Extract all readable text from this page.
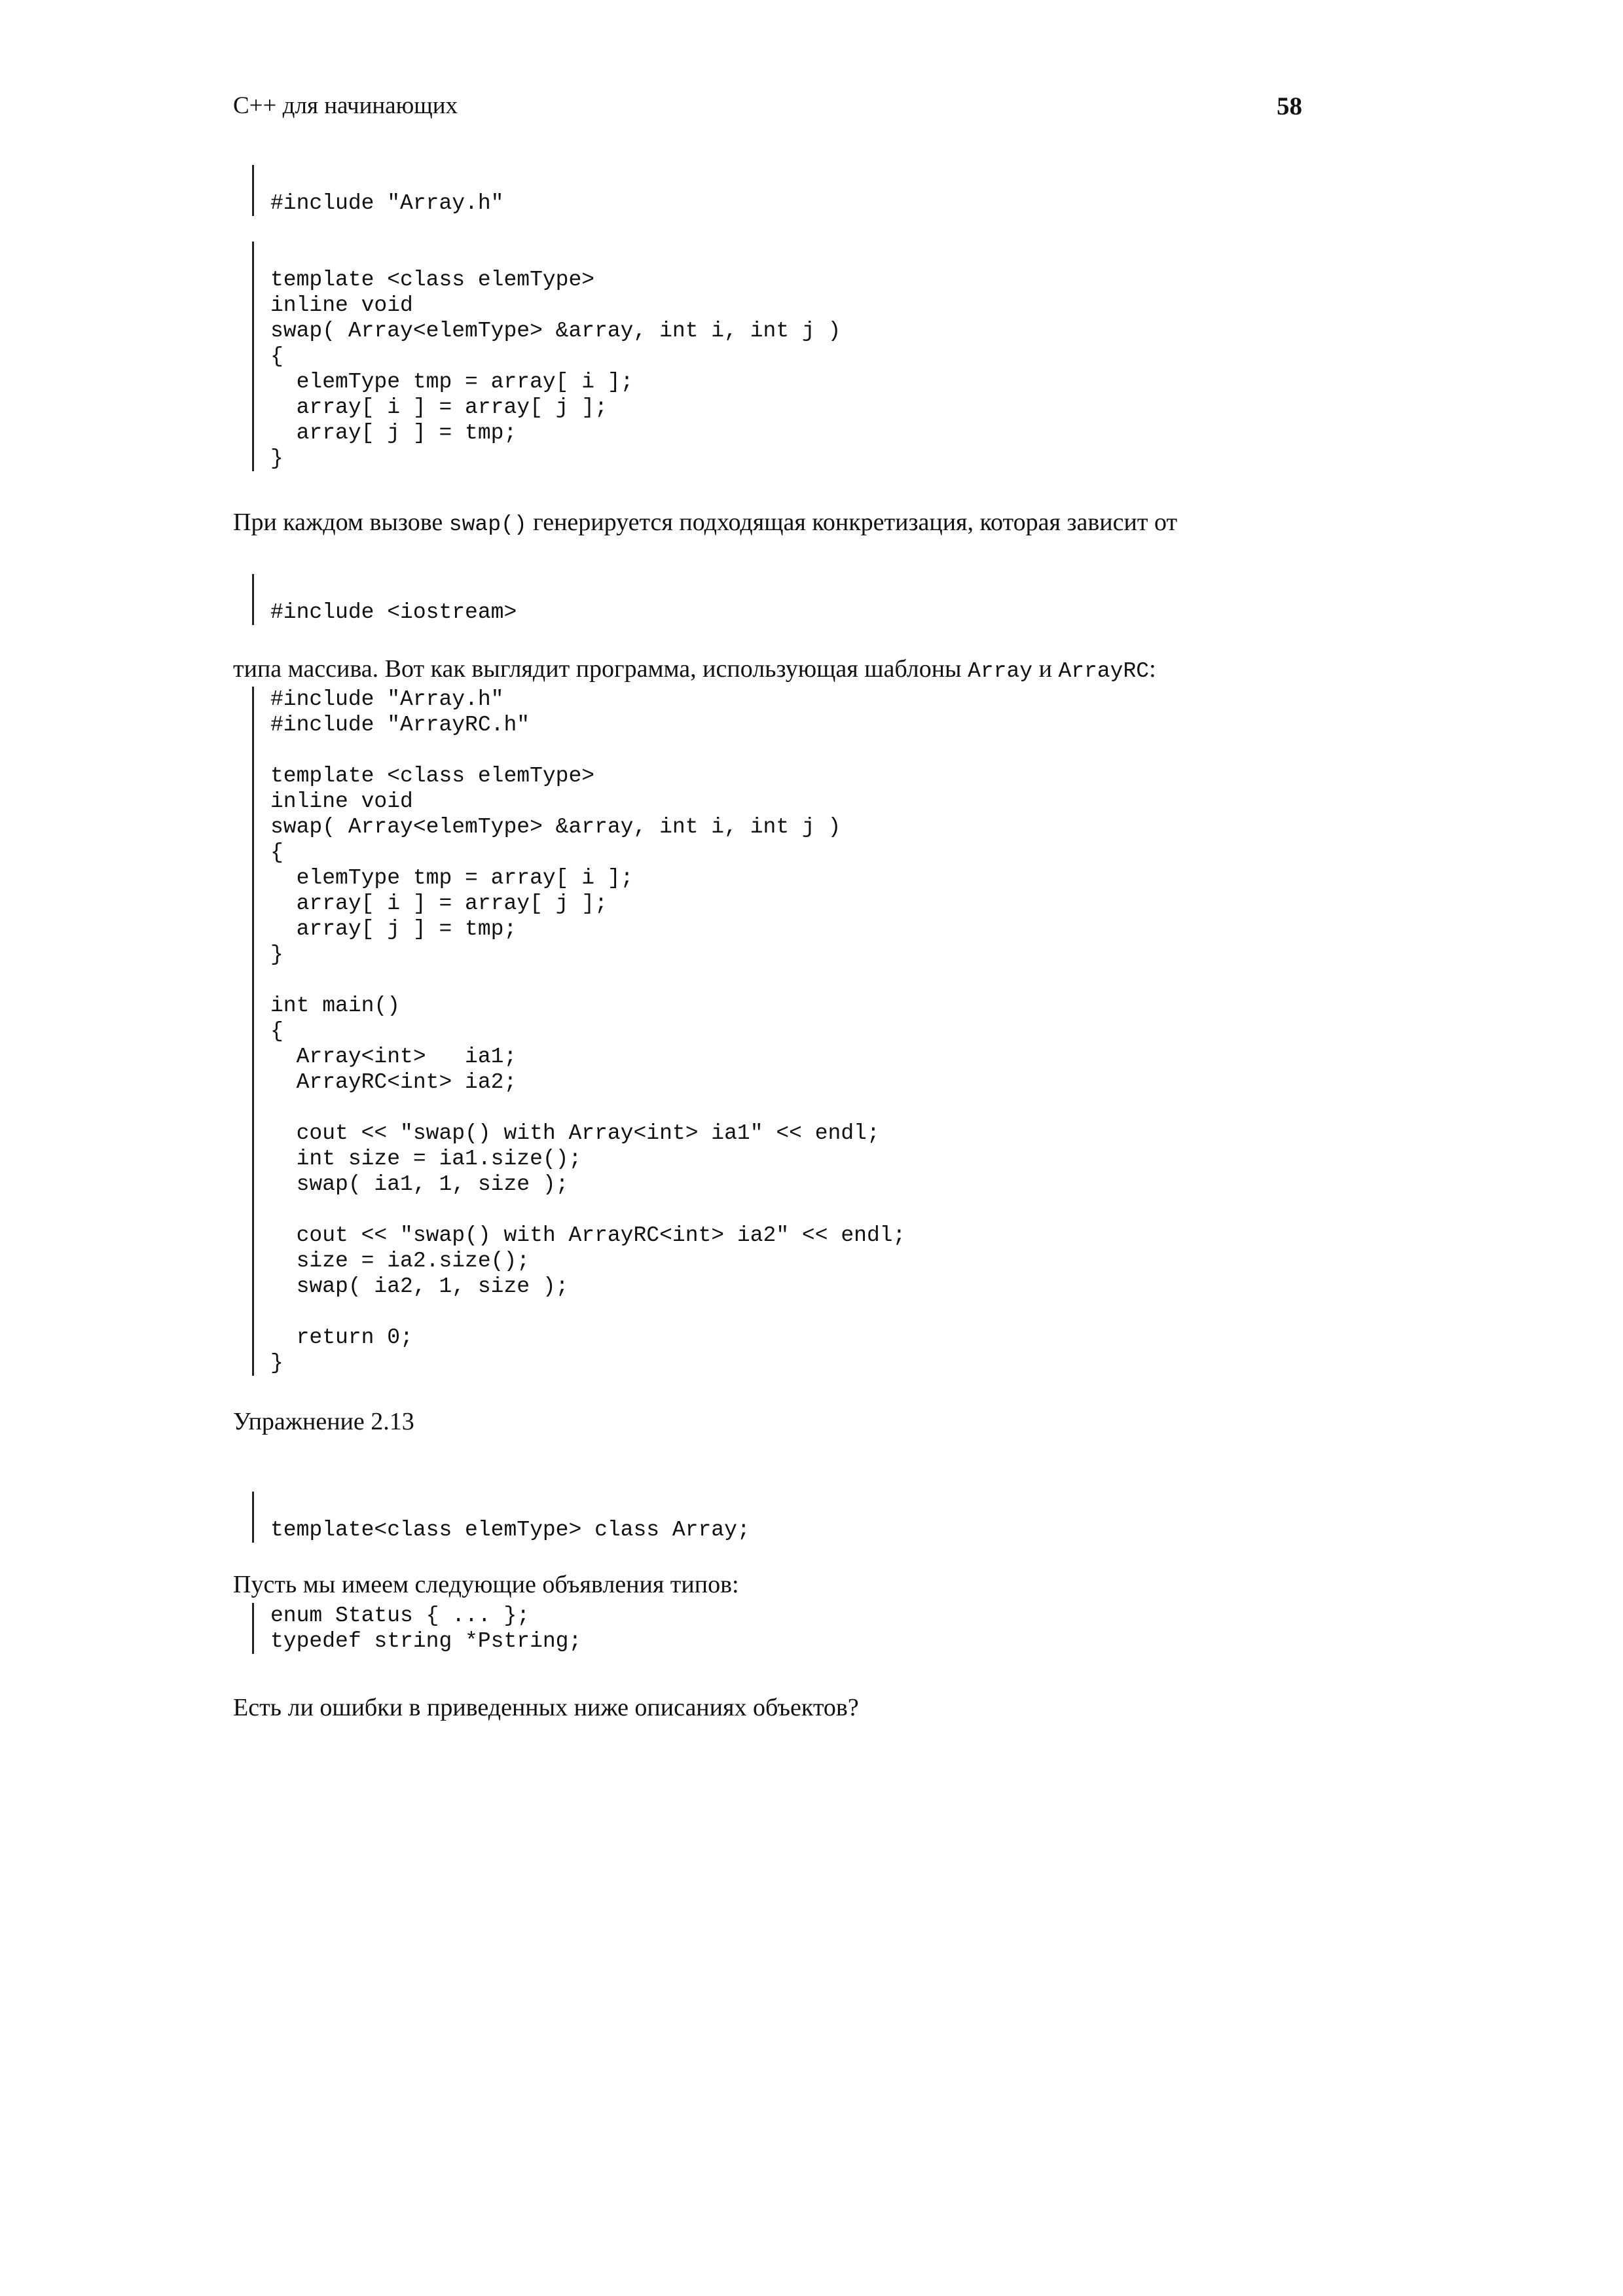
C++ для начинающих	58

#include "Array.h"

template <class elemType>
inline void
swap( Array<elemType> &array, int i, int j )
{
elemType tmp = array[ i ];
array[ i ] = array[ j ];
array[ j ] = tmp;
}

При каждом вызове swap() генерируется подходящая конкретизация, которая зависит от

#include <iostream>
типа массива. Вот как выглядит программа, использующая шаблоны Array и ArrayRC:
#include "Array.h"
#include "ArrayRC.h"

template <class elemType>
inline void
swap( Array<elemType> &array, int i, int j )
{
elemType tmp = array[ i ];
array[ i ] = array[ j ];
array[ j ] = tmp;
}

int main()
{
Array<int>   ia1;
ArrayRC<int> ia2;

cout << "swap() with Array<int> ia1" << endl;
int size = ia1.size();
swap( ia1, 1, size );

cout << "swap() with ArrayRC<int> ia2" << endl;
size = ia2.size();
swap( ia2, 1, size );

return 0;
}

Упражнение 2.13

template<class elemType> class Array;
Пусть мы имеем следующие объявления типов:
enum Status { ... };
typedef string *Pstring;

Есть ли ошибки в приведенных ниже описаниях объектов?
